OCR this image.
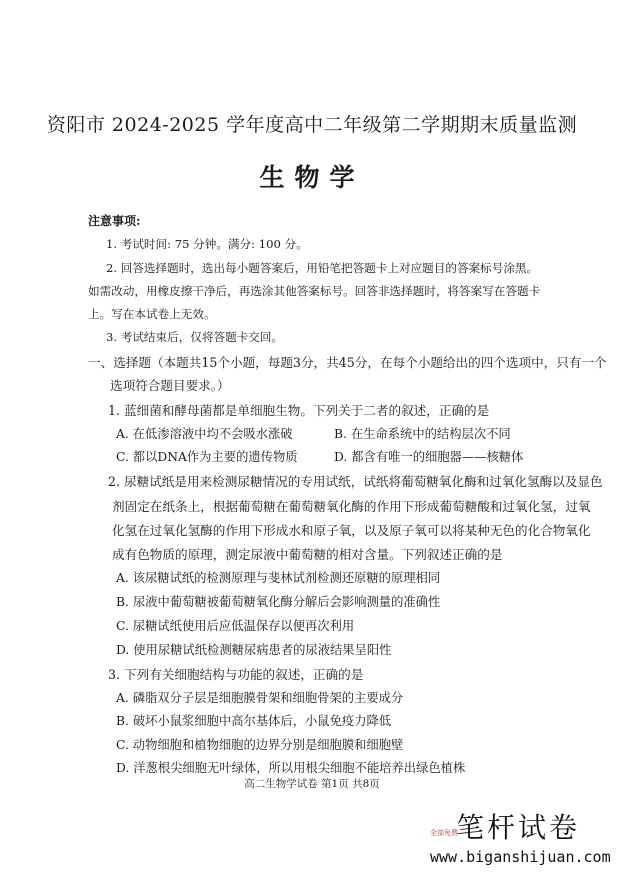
资阳市 2024-2025 学年度高中二年级第二学期期末质量监测
生物学
注意事项:
1. 考试时间: 75 分钟。满分: 100 分。
2. 回答选择题时，选出每小题答案后，用铅笔把答题卡上对应题目的答案标号涂黑。
如需改动，用橡皮擦干净后，再选涂其他答案标号。回答非选择题时，将答案写在答题卡
上。写在本试卷上无效。
3. 考试结束后，仅将答题卡交回。
一、选择题（本题共15个小题，每题3分，共45分，在每个小题给出的四个选项中，只有一个
选项符合题目要求。）
1. 蓝细菌和酵母菌都是单细胞生物。下列关于二者的叙述，正确的是
A. 在低渗溶液中均不会吸水涨破	B. 在生命系统中的结构层次不同
C. 都以DNA作为主要的遗传物质	D. 都含有唯一的细胞器——核糖体
2. 尿糖试纸是用来检测尿糖情况的专用试纸，试纸将葡萄糖氧化酶和过氧化氢酶以及显色
剂固定在纸条上，根据葡萄糖在葡萄糖氧化酶的作用下形成葡萄糖酸和过氧化氢，过氧
化氢在过氧化氢酶的作用下形成水和原子氧，以及原子氧可以将某种无色的化合物氧化
成有色物质的原理，测定尿液中葡萄糖的相对含量。下列叙述正确的是
A. 该尿糖试纸的检测原理与斐林试剂检测还原糖的原理相同
B. 尿液中葡萄糖被葡萄糖氧化酶分解后会影响测量的准确性
C. 尿糖试纸使用后应低温保存以便再次利用
D. 使用尿糖试纸检测糖尿病患者的尿液结果呈阳性
3. 下列有关细胞结构与功能的叙述，正确的是
A. 磷脂双分子层是细胞膜骨架和细胞骨架的主要成分
B. 破坏小鼠浆细胞中高尔基体后，小鼠免疫力降低
C. 动物细胞和植物细胞的边界分别是细胞膜和细胞壁
D. 洋葱根尖细胞无叶绿体，所以用根尖细胞不能培养出绿色植株
高二生物学试卷 第1页 共8页
全部免费
笔杆试卷
www.biganshijuan.com
